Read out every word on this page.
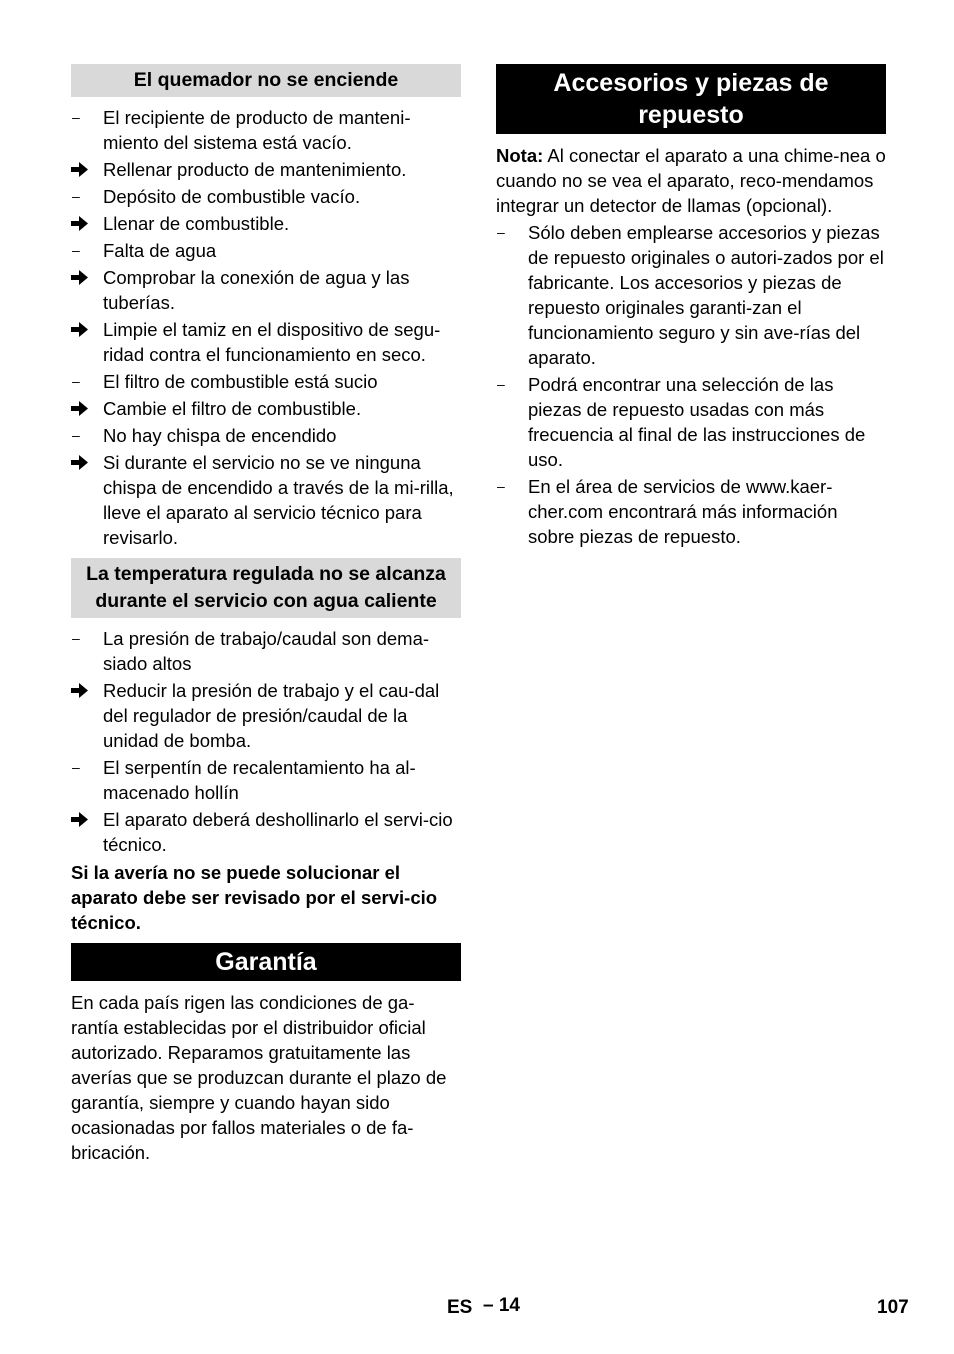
El quemador no se enciende
– El recipiente de producto de manteni-miento del sistema está vacío.
Rellenar producto de mantenimiento.
– Depósito de combustible vacío.
Llenar de combustible.
– Falta de agua
Comprobar la conexión de agua y las tuberías.
Limpie el tamiz en el dispositivo de segu-ridad contra el funcionamiento en seco.
– El filtro de combustible está sucio
Cambie el filtro de combustible.
– No hay chispa de encendido
Si durante el servicio no se ve ninguna chispa de encendido a través de la mi-rilla, lleve el aparato al servicio técnico para revisarlo.
La temperatura regulada no se alcanza durante el servicio con agua caliente
– La presión de trabajo/caudal son dema-siado altos
Reducir la presión de trabajo y el cau-dal del regulador de presión/caudal de la unidad de bomba.
– El serpentín de recalentamiento ha al-macenado hollín
El aparato deberá deshollinarlo el servi-cio técnico.

Si la avería no se puede solucionar el aparato debe ser revisado por el servi-cio técnico.

Garantía

En cada país rigen las condiciones de ga-rantía establecidas por el distribuidor oficial autorizado. Reparamos gratuitamente las averías que se produzcan durante el plazo de garantía, siempre y cuando hayan sido ocasionadas por fallos materiales o de fa-bricación.

Accesorios y piezas de repuesto

Nota: Al conectar el aparato a una chime-nea o cuando no se vea el aparato, reco-mendamos integrar un detector de llamas (opcional).

– Sólo deben emplearse accesorios y piezas de repuesto originales o autori-zados por el fabricante. Los accesorios y piezas de repuesto originales garanti-zan el funcionamiento seguro y sin ave-rías del aparato.
– Podrá encontrar una selección de las piezas de repuesto usadas con más frecuencia al final de las instrucciones de uso.
– En el área de servicios de www.kaer-cher.com encontrará más información sobre piezas de repuesto.
ES – 14	107
